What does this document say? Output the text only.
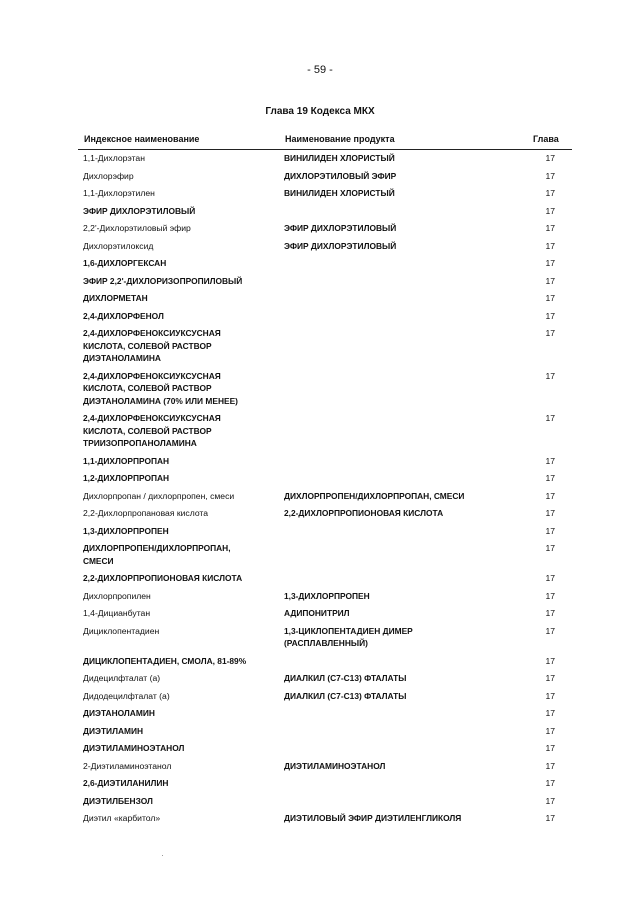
- 59 -
Глава 19 Кодекса МКХ
Индексное наименование	Наименование продукта	Глава
1,1-Дихлорэтан	ВИНИЛИДЕН ХЛОРИСТЫЙ	17
Дихлорэфир	ДИХЛОРЭТИЛОВЫЙ ЭФИР	17
1,1-Дихлорэтилен	ВИНИЛИДЕН ХЛОРИСТЫЙ	17
ЭФИР ДИХЛОРЭТИЛОВЫЙ	17
2,2'-Дихлорэтиловый эфир	ЭФИР ДИХЛОРЭТИЛОВЫЙ	17
Дихлорэтилоксид	ЭФИР ДИХЛОРЭТИЛОВЫЙ	17
1,6-ДИХЛОРГЕКСАН	17
ЭФИР 2,2'-ДИХЛОРИЗОПРОПИЛОВЫЙ	17
ДИХЛОРМЕТАН	17
2,4-ДИХЛОРФЕНОЛ	17
2,4-ДИХЛОРФЕНОКСИУКСУСНАЯ
КИСЛОТА, СОЛЕВОЙ РАСТВОР
ДИЭТАНОЛАМИНА
17
2,4-ДИХЛОРФЕНОКСИУКСУСНАЯ
КИСЛОТА, СОЛЕВОЙ РАСТВОР
ДИЭТАНОЛАМИНА (70% ИЛИ МЕНЕЕ)
17
2,4-ДИХЛОРФЕНОКСИУКСУСНАЯ
КИСЛОТА, СОЛЕВОЙ РАСТВОР
ТРИИЗОПРОПАНОЛАМИНА
17
1,1-ДИХЛОРПРОПАН	17
1,2-ДИХЛОРПРОПАН	17
Дихлорпропан / дихлорпропен, смеси	ДИХЛОРПРОПЕН/ДИХЛОРПРОПАН, СМЕСИ	17
2,2-Дихлорпропановая кислота	2,2-ДИХЛОРПРОПИОНОВАЯ КИСЛОТА	17
1,3-ДИХЛОРПРОПЕН	17
ДИХЛОРПРОПЕН/ДИХЛОРПРОПАН,
СМЕСИ
17
2,2-ДИХЛОРПРОПИОНОВАЯ КИСЛОТА	17
Дихлорпропилен	1,3-ДИХЛОРПРОПЕН	17
1,4-Дицианбутан	АДИПОНИТРИЛ	17
Дициклопентадиен	1,3-ЦИКЛОПЕНТАДИЕН ДИМЕР
(РАСПЛАВЛЕННЫЙ)
17
ДИЦИКЛОПЕНТАДИЕН, СМОЛА, 81-89%	17
Дидецилфталат (а)	ДИАЛКИЛ (С7-С13) ФТАЛАТЫ	17
Дидодецилфталат (а)	ДИАЛКИЛ (С7-С13) ФТАЛАТЫ	17
ДИЭТАНОЛАМИН	17
ДИЭТИЛАМИН	17
ДИЭТИЛАМИНОЭТАНОЛ	17
2-Диэтиламиноэтанол	ДИЭТИЛАМИНОЭТАНОЛ	17
2,6-ДИЭТИЛАНИЛИН	17
ДИЭТИЛБЕНЗОЛ	17
Диэтил «карбитол»	ДИЭТИЛОВЫЙ ЭФИР ДИЭТИЛЕНГЛИКОЛЯ	17
